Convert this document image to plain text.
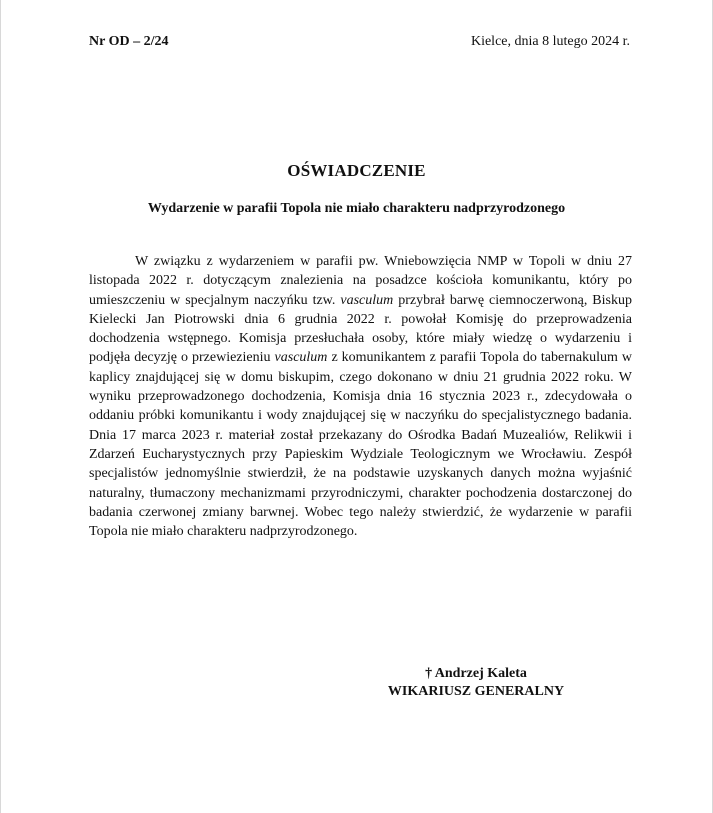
Nr OD – 2/24	Kielce, dnia 8 lutego 2024 r.
OŚWIADCZENIE
Wydarzenie w parafii Topola nie miało charakteru nadprzyrodzonego

W związku z wydarzeniem w parafii pw. Wniebowzięcia NMP w Topoli w dniu 27 listopada 2022 r. dotyczącym znalezienia na posadzce kościoła komunikantu, który po umieszczeniu w specjalnym naczyńku tzw. vasculum przybrał barwę ciemnoczerwoną, Biskup Kielecki Jan Piotrowski dnia 6 grudnia 2022 r. powołał Komisję do przeprowadzenia dochodzenia wstępnego. Komisja przesłuchała osoby, które miały wiedzę o wydarzeniu i podjęła decyzję o przewiezieniu vasculum z komunikantem z parafii Topola do tabernakulum w kaplicy znajdującej się w domu biskupim, czego dokonano w dniu 21 grudnia 2022 roku. W wyniku przeprowadzonego dochodzenia, Komisja dnia 16 stycznia 2023 r., zdecydowała o oddaniu próbki komunikantu i wody znajdującej się w naczyńku do specjalistycznego badania. Dnia 17 marca 2023 r. materiał został przekazany do Ośrodka Badań Muzealiów, Relikwii i Zdarzeń Eucharystycznych przy Papieskim Wydziale Teologicznym we Wrocławiu. Zespół specjalistów jednomyślnie stwierdził, że na podstawie uzyskanych danych można wyjaśnić naturalny, tłumaczony mechanizmami przyrodniczymi, charakter pochodzenia dostarczonej do badania czerwonej zmiany barwnej. Wobec tego należy stwierdzić, że wydarzenie w parafii Topola nie miało charakteru nadprzyrodzonego.

† Andrzej Kaleta
WIKARIUSZ GENERALNY
